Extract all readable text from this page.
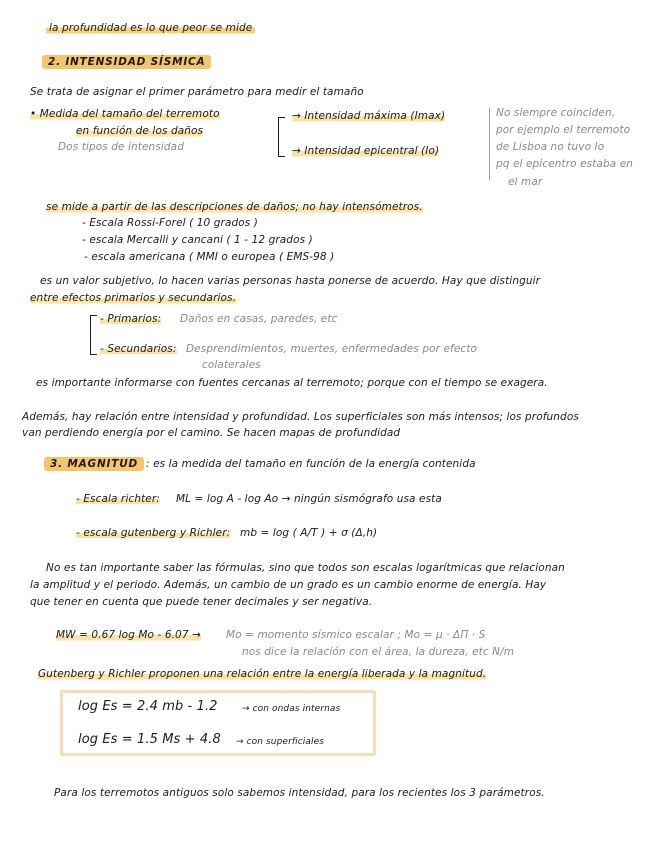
la profundidad es lo que peor se mide
2. INTENSIDAD SÍSMICA
Se trata de asignar el primer parámetro para medir el tamaño
• Medida del tamaño del terremoto
en función de los daños
Dos tipos de intensidad
→ Intensidad máxima (Imax)
→ Intensidad epicentral (Io)
No siempre coinciden,
por ejemplo el terremoto
de Lisboa no tuvo Io
pq el epicentro estaba en
el mar
se mide a partir de las descripciones de daños; no hay intensómetros.
- Escala Rossi-Forel ( 10 grados )
- escala Mercalli y cancani ( 1 - 12 grados )
- escala americana ( MMI o europea ( EMS-98 )
es un valor subjetivo, lo hacen varias personas hasta ponerse de acuerdo. Hay que distinguir
entre efectos primarios y secundarios.
- Primarios: Daños en casas, paredes, etc
- Secundarios: Desprendimientos, muertes, enfermedades por efecto
colaterales
es importante informarse con fuentes cercanas al terremoto; porque con el tiempo se exagera.
Además, hay relación entre intensidad y profundidad. Los superficiales son más intensos; los profundos
van perdiendo energía por el camino. Se hacen mapas de profundidad
3. MAGNITUD : es la medida del tamaño en función de la energía contenida
- Escala richter: ML = log A - log Ao → ningún sismógrafo usa esta
- escala gutenberg y Richler: mb = log ( A/T ) + σ (Δ,h)
No es tan importante saber las fórmulas, sino que todos son escalas logarítmicas que relacionan
la amplitud y el periodo. Además, un cambio de un grado es un cambio enorme de energía. Hay
que tener en cuenta que puede tener decimales y ser negativa.
MW = 0.67 log Mo - 6.07 → Mo = momento sísmico escalar ; Mo = μ · ΔΠ · S
nos dice la relación con el área, la dureza, etc N/m
Gutenberg y Richler proponen una relación entre la energía liberada y la magnitud.
log Es = 2.4 mb - 1.2	→ con ondas internas
log Es = 1.5 Ms + 4.8 → con superficiales
Para los terremotos antiguos solo sabemos intensidad, para los recientes los 3 parámetros.
